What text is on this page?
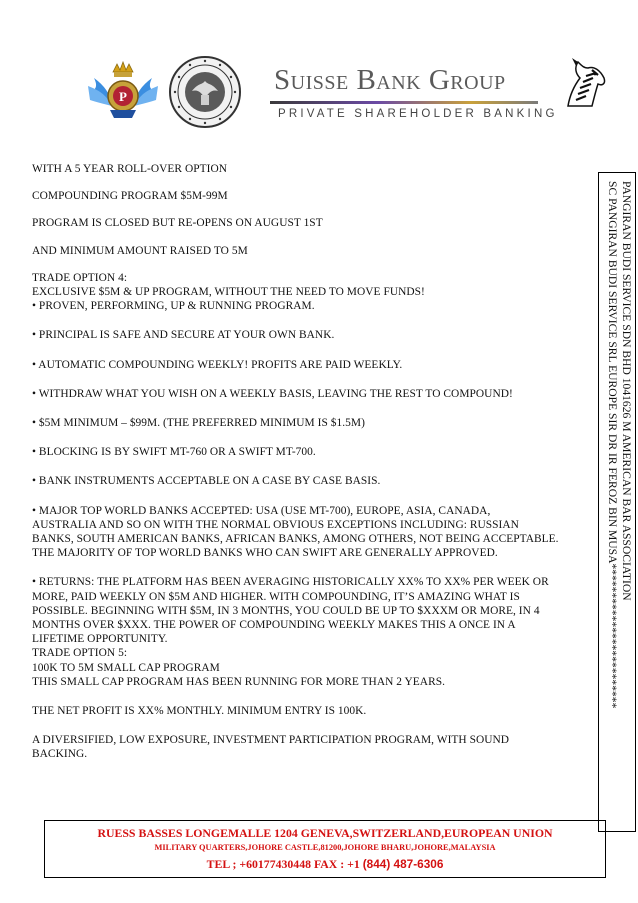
P
Suisse Bank Group
PRIVATE SHAREHOLDER BANKING

WITH A 5 YEAR ROLL-OVER OPTION

COMPOUNDING PROGRAM $5M-99M

PROGRAM IS CLOSED BUT RE-OPENS ON AUGUST 1ST

AND MINIMUM AMOUNT RAISED TO 5M

TRADE OPTION 4:

EXCLUSIVE $5M & UP PROGRAM, WITHOUT THE NEED TO MOVE FUNDS!

• PROVEN, PERFORMING, UP & RUNNING PROGRAM.

• PRINCIPAL IS SAFE AND SECURE AT YOUR OWN BANK.

• AUTOMATIC COMPOUNDING WEEKLY! PROFITS ARE PAID WEEKLY.

• WITHDRAW WHAT YOU WISH ON A WEEKLY BASIS, LEAVING THE REST TO COMPOUND!

• $5M MINIMUM – $99M. (THE PREFERRED MINIMUM IS $1.5M)

• BLOCKING IS BY SWIFT MT-760 OR A SWIFT MT-700.

• BANK INSTRUMENTS ACCEPTABLE ON A CASE BY CASE BASIS.

• MAJOR TOP WORLD BANKS ACCEPTED: USA (USE MT-700), EUROPE, ASIA, CANADA,

AUSTRALIA AND SO ON WITH THE NORMAL OBVIOUS EXCEPTIONS INCLUDING: RUSSIAN

BANKS, SOUTH AMERICAN BANKS, AFRICAN BANKS, AMONG OTHERS, NOT BEING ACCEPTABLE.

THE MAJORITY OF TOP WORLD BANKS WHO CAN SWIFT ARE GENERALLY APPROVED.

• RETURNS: THE PLATFORM HAS BEEN AVERAGING HISTORICALLY XX% TO XX% PER WEEK OR

MORE, PAID WEEKLY ON $5M AND HIGHER. WITH COMPOUNDING, IT’S AMAZING WHAT IS

POSSIBLE. BEGINNING WITH $5M, IN 3 MONTHS, YOU COULD BE UP TO $XXXM OR MORE, IN 4

MONTHS OVER $XXX. THE POWER OF COMPOUNDING WEEKLY MAKES THIS A ONCE IN A

LIFETIME OPPORTUNITY.

TRADE OPTION 5:

100K TO 5M SMALL CAP PROGRAM

THIS SMALL CAP PROGRAM HAS BEEN RUNNING FOR MORE THAN 2 YEARS.

THE NET PROFIT IS XX% MONTHLY. MINIMUM ENTRY IS 100K.

A DIVERSIFIED, LOW EXPOSURE, INVESTMENT PARTICIPATION PROGRAM, WITH SOUND

BACKING.

PANGIRAN BUDI SERVICE SDN BHD 1041626 M AMERICAN BAR ASSOCIATION
SC PANGIRAN BUDI SERVICE SRL EUROPE SIR DR IR FEROZ BIN MUSA*************************
RUESS BASSES LONGEMALLE 1204 GENEVA,SWITZERLAND,EUROPEAN UNION
MILITARY QUARTERS,JOHORE CASTLE,81200,JOHORE BHARU,JOHORE,MALAYSIA
TEL ; +60177430448 FAX : +1 (844) 487-6306
